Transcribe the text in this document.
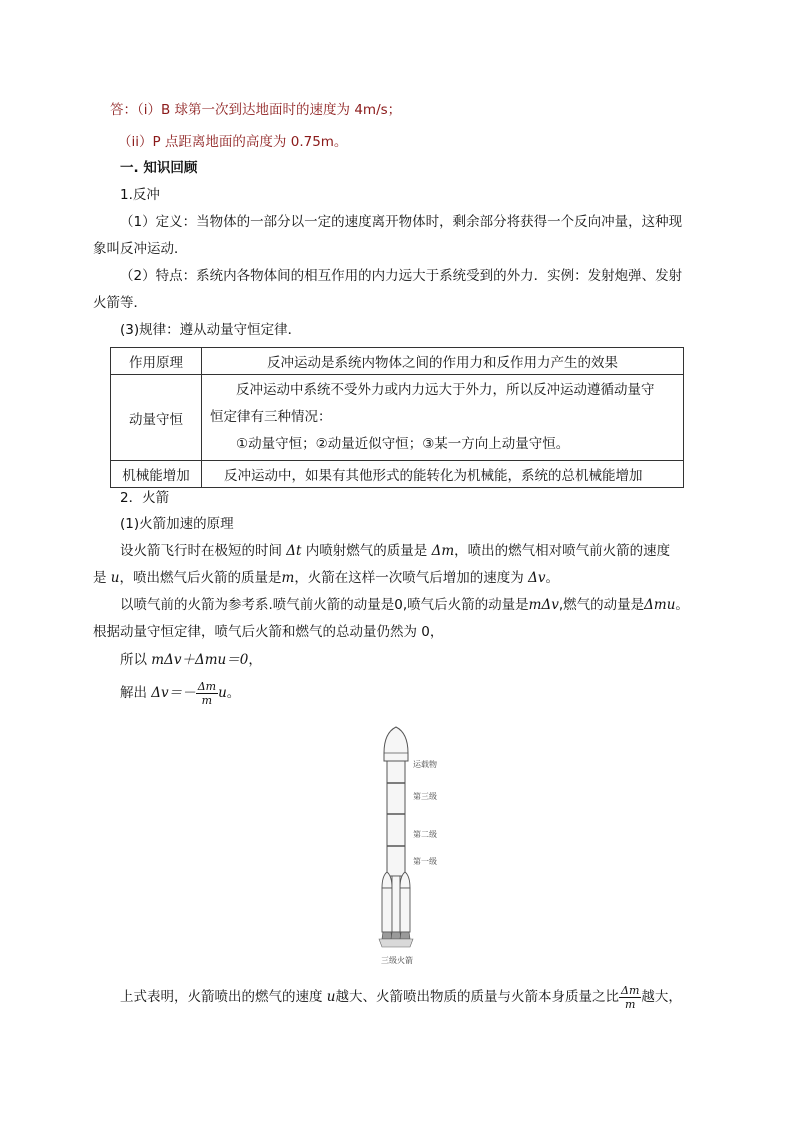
答：（i）B 球第一次到达地面时的速度为 4m/s；
（ii）P 点距离地面的高度为 0.75m。
一. 知识回顾
1.反冲
（1）定义：当物体的一部分以一定的速度离开物体时，剩余部分将获得一个反向冲量，这种现
象叫反冲运动．
（2）特点：系统内各物体间的相互作用的内力远大于系统受到的外力．实例：发射炮弹、发射
火箭等．
(3)规律：遵从动量守恒定律．
作用原理	反冲运动是系统内物体之间的作用力和反作用力产生的效果
动量守恒	反冲运动中系统不受外力或内力远大于外力，所以反冲运动遵循动量守
恒定律有三种情况：
①动量守恒；②动量近似守恒；③某一方向上动量守恒。

机械能增加	反冲运动中，如果有其他形式的能转化为机械能，系统的总机械能增加
2．火箭
(1)火箭加速的原理
设火箭飞行时在极短的时间 Δt 内喷射燃气的质量是 Δm，喷出的燃气相对喷气前火箭的速度
是 u，喷出燃气后火箭的质量是m，火箭在这样一次喷气后增加的速度为 Δv。
以喷气前的火箭为参考系.喷气前火箭的动量是0,喷气后火箭的动量是mΔv,燃气的动量是Δmu。
根据动量守恒定律，喷气后火箭和燃气的总动量仍然为 0，
所以 mΔv＋Δmu＝0，
解出 $\Delta v=- \frac{\Delta m}{m}$ u。
运载物
第三级
第二级
第一级
三级火箭
上式表明，火箭喷出的燃气的速度 u越大、火箭喷出物质的质量与火箭本身质量之比 $\frac{\Delta m}{m}$ 越大，
